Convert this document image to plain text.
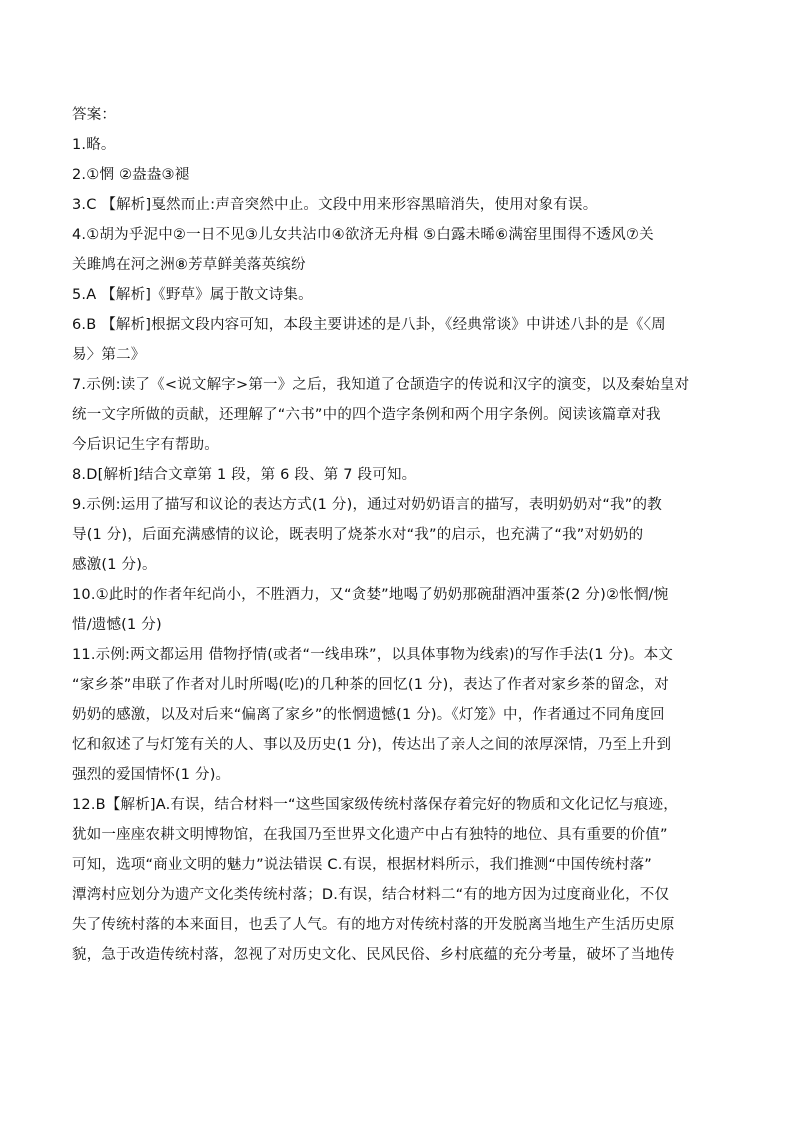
答案：
1.略。
2.①惘 ②盎盎③褪
3.C 【解析]戛然而止:声音突然中止。文段中用来形容黑暗消失，使用对象有误。
4.①胡为乎泥中②一日不见③儿女共沾巾④欲济无舟楫 ⑤白露未晞⑥满窑里围得不透风⑦关
关雎鸠在河之洲⑧芳草鲜美落英缤纷
5.A 【解析]《野草》属于散文诗集。
6.B 【解析]根据文段内容可知，本段主要讲述的是八卦，《经典常谈》中讲述八卦的是《〈周
易〉第二》
7.示例:读了《<说文解字>第一》之后，我知道了仓颉造字的传说和汉字的演变，以及秦始皇对
统一文字所做的贡献，还理解了“六书”中的四个造字条例和两个用字条例。阅读该篇章对我
今后识记生字有帮助。
8.D[解析]结合文章第 1 段，第 6 段、第 7 段可知。
9.示例:运用了描写和议论的表达方式(1 分)，通过对奶奶语言的描写，表明奶奶对“我”的教
导(1 分)，后面充满感情的议论，既表明了烧茶水对“我”的启示，也充满了“我”对奶奶的
感激(1 分)。
10.①此时的作者年纪尚小，不胜酒力，又“贪婪”地喝了奶奶那碗甜酒冲蛋茶(2 分)②怅惘/惋
惜/遗憾(1 分)
11.示例:两文都运用 借物抒情(或者“一线串珠”，以具体事物为线索)的写作手法(1 分)。本文
“家乡茶”串联了作者对儿时所喝(吃)的几种茶的回忆(1 分)，表达了作者对家乡茶的留念，对
奶奶的感激，以及对后来“偏离了家乡”的怅惘遗憾(1 分)。《灯笼》中，作者通过不同角度回
忆和叙述了与灯笼有关的人、事以及历史(1 分)，传达出了亲人之间的浓厚深情，乃至上升到
强烈的爱国情怀(1 分)。
12.B【解析]A.有误，结合材料一“这些国家级传统村落保存着完好的物质和文化记忆与痕迹，
犹如一座座农耕文明博物馆，在我国乃至世界文化遗产中占有独特的地位、具有重要的价值”
可知，选项“商业文明的魅力”说法错误 C.有误，根据材料所示，我们推测“中国传统村落”
潭湾村应划分为遗产文化类传统村落；D.有误，结合材料二“有的地方因为过度商业化，不仅
失了传统村落的本来面目，也丢了人气。有的地方对传统村落的开发脱离当地生产生活历史原
貌，急于改造传统村落，忽视了对历史文化、民风民俗、乡村底蕴的充分考量，破坏了当地传
